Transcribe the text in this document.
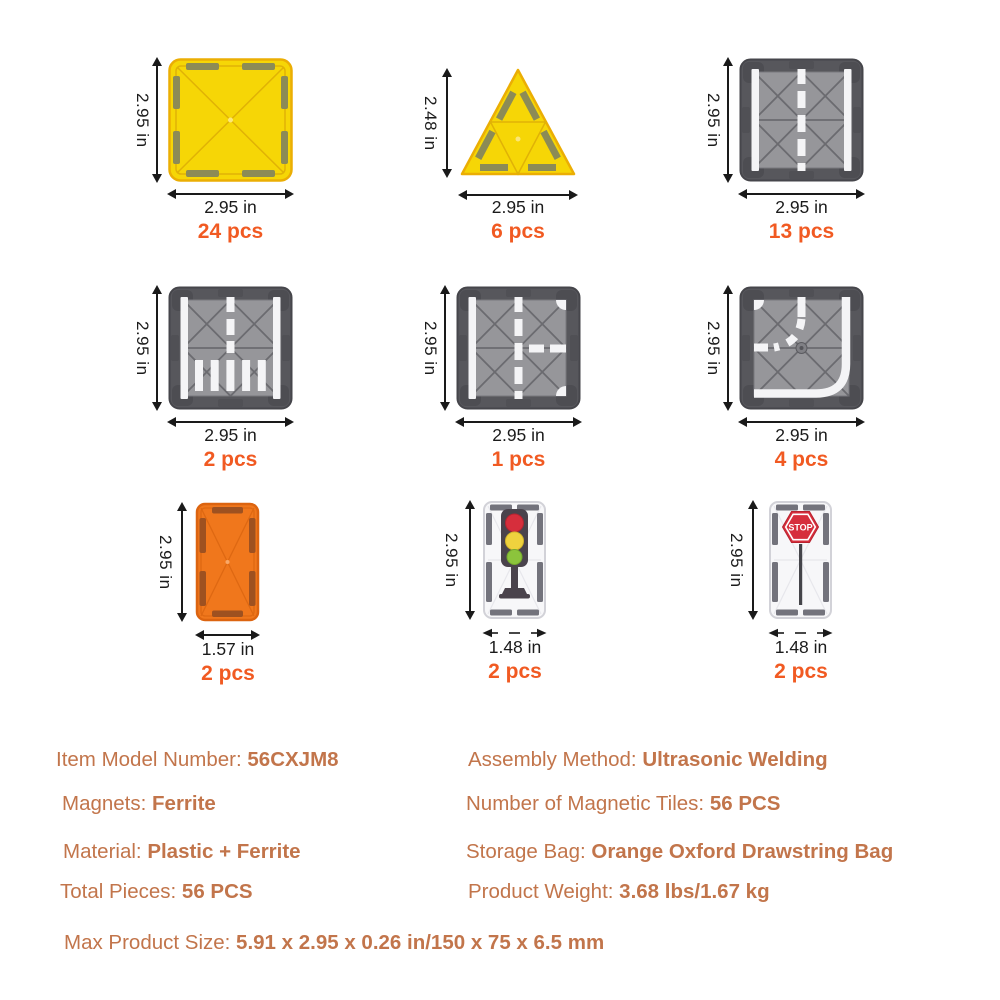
2.95 in
2.95 in
24 pcs
2.48 in
2.95 in
6 pcs
2.95 in
2.95 in
13 pcs
2.95 in
2.95 in
2 pcs
2.95 in
2.95 in
1 pcs
2.95 in
2.95 in
4 pcs
2.95 in
1.57 in
2 pcs
2.95 in
1.48 in
2 pcs
2.95 in
STOP
1.48 in
2 pcs
Item Model Number: 56CXJM8	Assembly Method: Ultrasonic Welding
Magnets: Ferrite	Number of Magnetic Tiles: 56 PCS
Material: Plastic + Ferrite	Storage Bag: Orange Oxford Drawstring Bag
Total Pieces: 56 PCS	Product Weight: 3.68 lbs/1.67 kg
Max Product Size: 5.91 x 2.95 x 0.26 in/150 x 75 x 6.5 mm
